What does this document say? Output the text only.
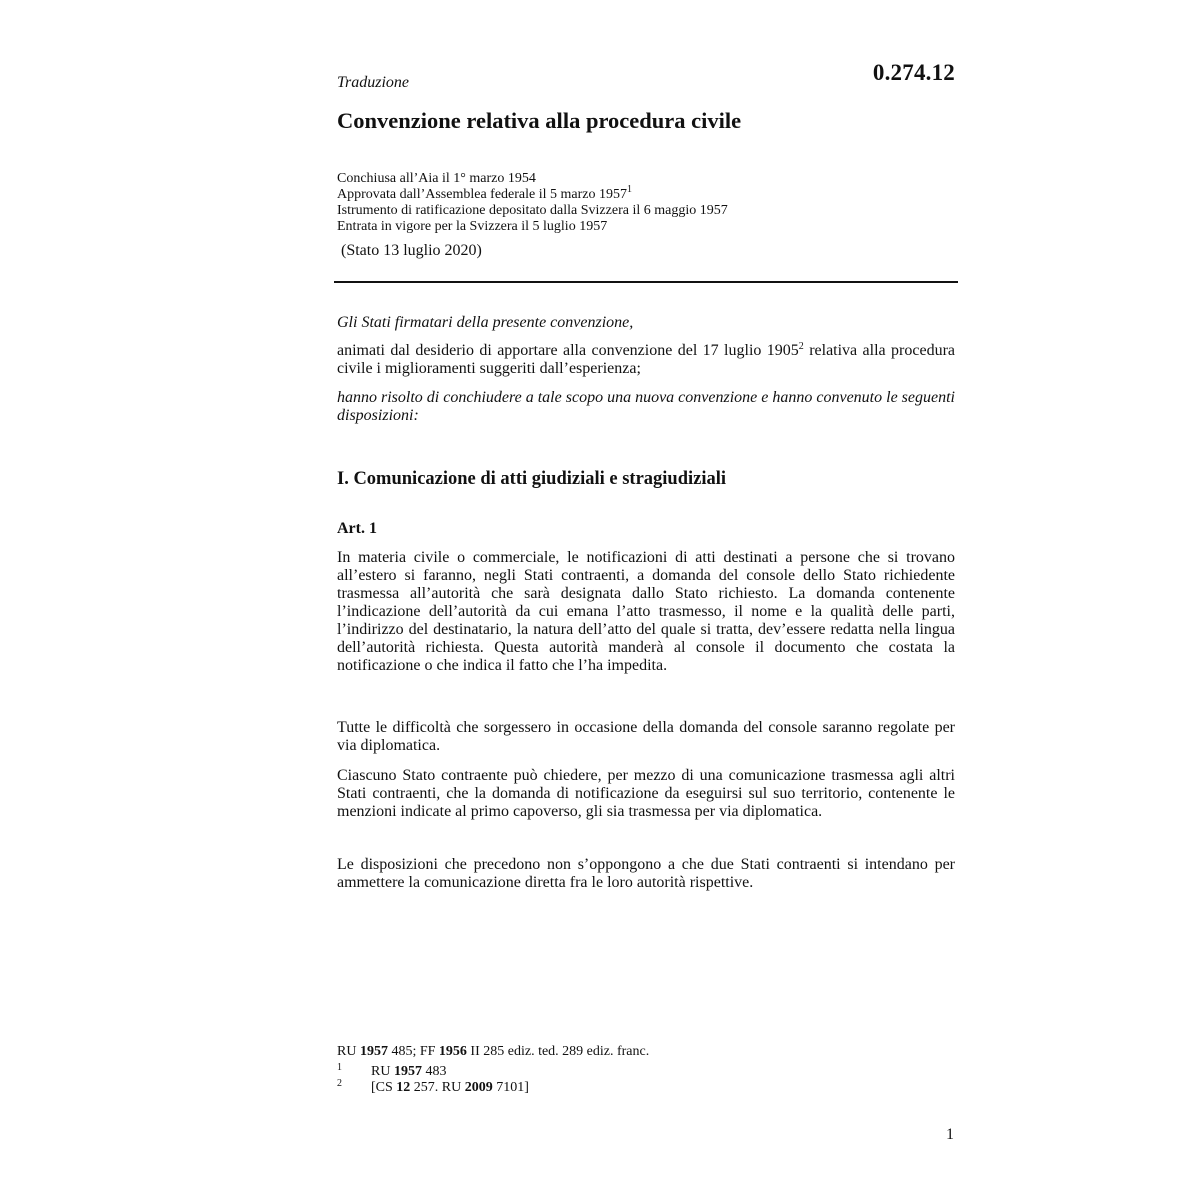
0.274.12
Traduzione
Convenzione relativa alla procedura civile
Conchiusa all’Aia il 1° marzo 1954
Approvata dall’Assemblea federale il 5 marzo 1957$^1$
Istrumento di ratificazione depositato dalla Svizzera il 6 maggio 1957
Entrata in vigore per la Svizzera il 5 luglio 1957
(Stato 13 luglio 2020)
Gli Stati firmatari della presente convenzione,
animati dal desiderio di apportare alla convenzione del 17 luglio 1905$^2$ relativa alla procedura civile i miglioramenti suggeriti dall’esperienza;
hanno risolto di conchiudere a tale scopo una nuova convenzione e hanno convenuto le seguenti disposizioni:
I. Comunicazione di atti giudiziali e stragiudiziali
Art. 1
In materia civile o commerciale, le notificazioni di atti destinati a persone che si trovano all’estero si faranno, negli Stati contraenti, a domanda del console dello Stato richiedente trasmessa all’autorità che sarà designata dallo Stato richiesto. La domanda contenente l’indicazione dell’autorità da cui emana l’atto trasmesso, il nome e la qualità delle parti, l’indirizzo del destinatario, la natura dell’atto del quale si tratta, dev’essere redatta nella lingua dell’autorità richiesta. Questa autorità manderà al console il documento che costata la notificazione o che indica il fatto che l’ha impedita.
Tutte le difficoltà che sorgessero in occasione della domanda del console saranno regolate per via diplomatica.
Ciascuno Stato contraente può chiedere, per mezzo di una comunicazione trasmessa agli altri Stati contraenti, che la domanda di notificazione da eseguirsi sul suo territorio, contenente le menzioni indicate al primo capoverso, gli sia trasmessa per via diplomatica.
Le disposizioni che precedono non s’oppongono a che due Stati contraenti si intendano per ammettere la comunicazione diretta fra le loro autorità rispettive.
RU 1957 485; FF 1956 II 285 ediz. ted. 289 ediz. franc.
1 RU 1957 483
2 [CS 12 257. RU 2009 7101]
1
